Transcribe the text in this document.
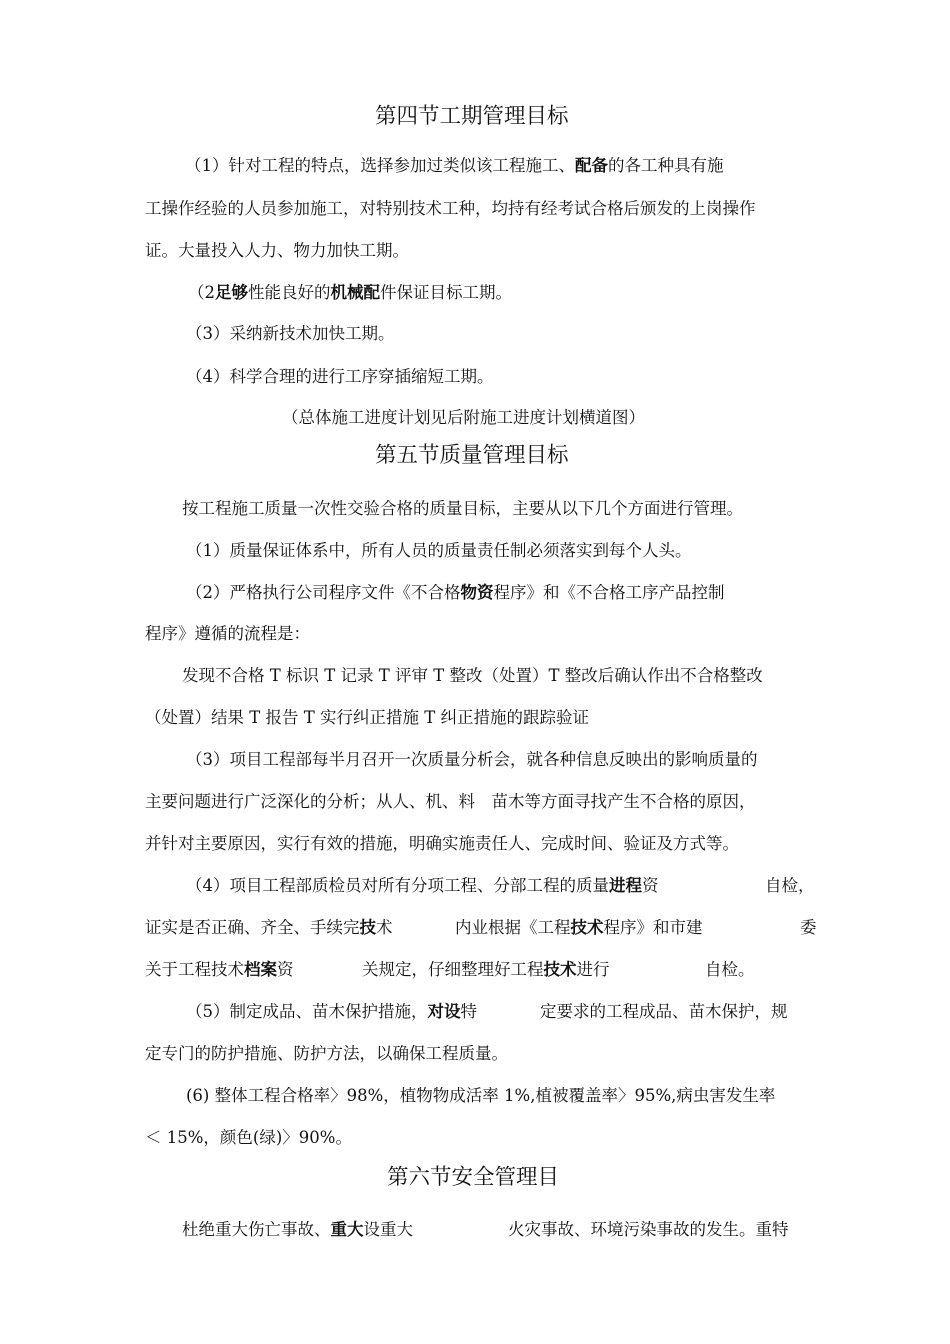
第四节工期管理目标

（1）针对工程的特点，选择参加过类似该工程施工、配备的各工种具有施

工操作经验的人员参加施工，对特别技术工种，均持有经考试合格后颁发的上岗操作

证。大量投入人力、物力加快工期。

（2足够性能良好的机械配件保证目标工期。

（3）采纳新技术加快工期。

（4）科学合理的进行工序穿插缩短工期。

（总体施工进度计划见后附施工进度计划横道图）

第五节质量管理目标

按工程施工质量一次性交验合格的质量目标，主要从以下几个方面进行管理。

（1）质量保证体系中，所有人员的质量责任制必须落实到每个人头。

（2）严格执行公司程序文件《不合格物资程序》和《不合格工序产品控制

程序》遵循的流程是：

发现不合格 T 标识 T 记录 T 评审 T 整改（处置）T 整改后确认作出不合格整改

（处置）结果 T 报告 T 实行纠正措施 T 纠正措施的跟踪验证

（3）项目工程部每半月召开一次质量分析会，就各种信息反映出的影响质量的

主要问题进行广泛深化的分析；从人、机、料　苗木等方面寻找产生不合格的原因，

并针对主要原因，实行有效的措施，明确实施责任人、完成时间、验证及方式等。

（4）项目工程部质检员对所有分项工程、分部工程的质量进程资	自检，

证实是否正确、齐全、手续完技术	内业根据《工程技术程序》和市建	委

关于工程技术档案资	关规定，仔细整理好工程技术进行	自检。

（5）制定成品、苗木保护措施，对设特	定要求的工程成品、苗木保护，规

定专门的防护措施、防护方法，以确保工程质量。

(6) 整体工程合格率〉98%，植物物成活率 1%,植被覆盖率〉95%,病虫害发生率

＜ 15%，颜色(绿)〉90%。

第六节安全管理目

杜绝重大伤亡事故、重大设重大	火灾事故、环境污染事故的发生。重特
